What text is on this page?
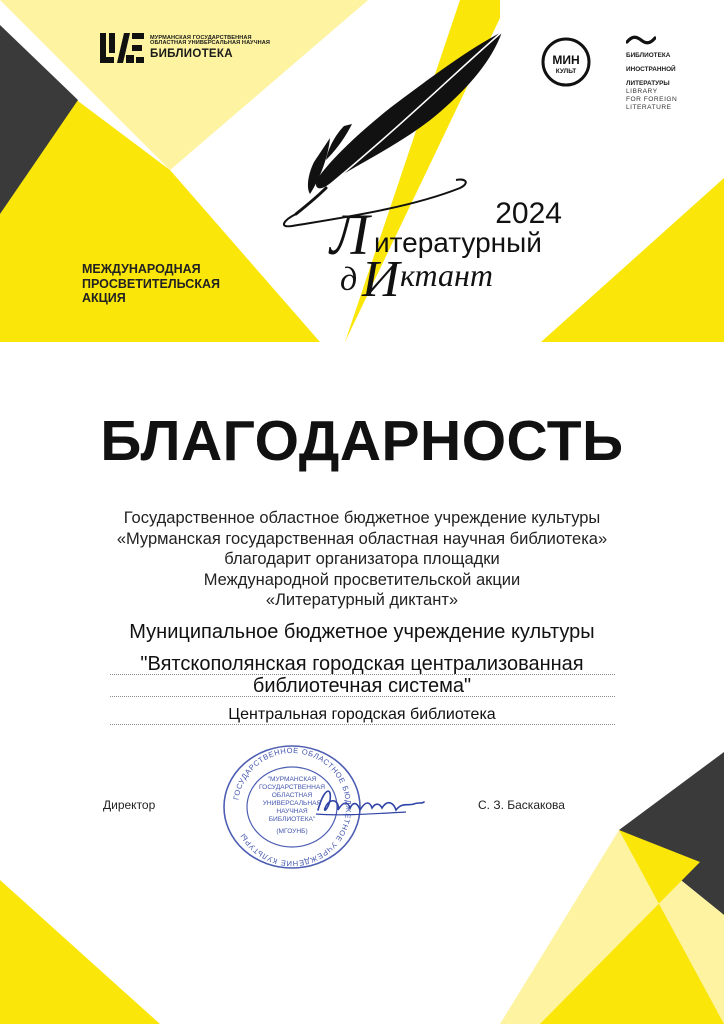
МУРМАНСКАЯ ГОСУДАРСТВЕННАЯ
ОБЛАСТНАЯ УНИВЕРСАЛЬНАЯ НАУЧНАЯ
БИБЛИОТЕКА	МИН
КУЛЬТ
БИБЛИОТЕКА
ИНОСТРАННОЙ
ЛИТЕРАТУРЫ
LIBRARY
FOR FOREIGN
LITERATURE
МЕЖДУНАРОДНАЯ
ПРОСВЕТИТЕЛЬСКАЯ
АКЦИЯ
2024
Л итературный
д И ктант
БЛАГОДАРНОСТЬ
Государственное областное бюджетное учреждение культуры
«Мурманская государственная областная научная библиотека»
благодарит организатора площадки
Международной просветительской акции
«Литературный диктант»
Муниципальное бюджетное учреждение культуры
"Вятскополянская городская централизованная
библиотечная система"
Центральная городская библиотека
ГОСУДАРСТВЕННОЕ ОБЛАСТНОЕ БЮДЖЕТНОЕ УЧРЕЖДЕНИЕ КУЛЬТУРЫ
"МУРМАНСКАЯ
ГОСУДАРСТВЕННАЯ
ОБЛАСТНАЯ
УНИВЕРСАЛЬНАЯ
НАУЧНАЯ
БИБЛИОТЕКА"
(МГОУНБ)
Директор	С. З. Баскакова
